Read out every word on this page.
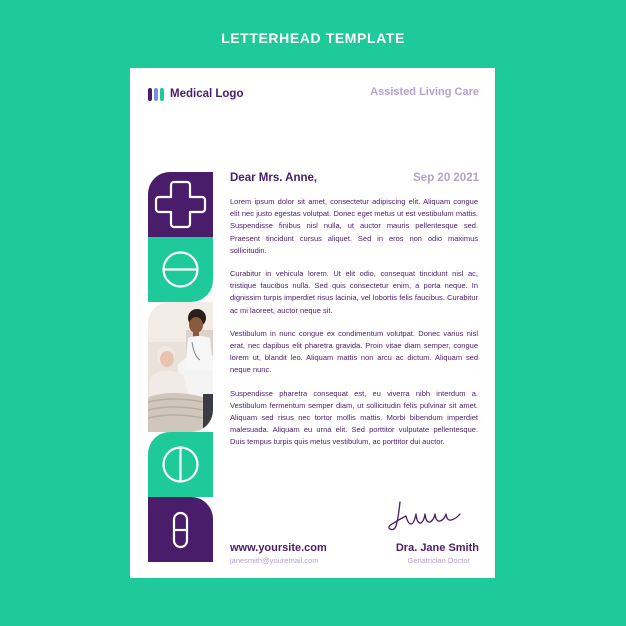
LETTERHEAD TEMPLATE
Medical Logo	Assisted Living Care
Dear Mrs. Anne,	Sep 20 2021

Lorem ipsum dolor sit amet, consectetur adipiscing elit. Aliquam congue elit nec justo egestas volutpat. Donec eget metus ut est vestibulum mattis. Suspendisse finibus nisl nulla, ut auctor mauris pellentesque sed. Praesent tincidunt cursus aliquet. Sed in eros non odio maximus sollicitudin.

Curabitur in vehicula lorem. Ut elit odio, consequat tincidunt nisl ac, tristique faucibus nulla. Sed quis consectetur enim, a porta neque. In dignissim turpis imperdiet risus lacinia, vel lobortis felis faucibus. Curabitur ac mi laoreet, auctor neque sit.

Vestibulum in nunc congue ex condimentum volutpat. Donec varius nisl erat, nec dapibus elit pharetra gravida. Proin vitae diam semper, congue lorem ut, blandit leo. Aliquam mattis non arcu ac dictum. Aliquam sed neque nunc.

Suspendisse pharetra consequat est, eu viverra nibh interdum a. Vestibulum fermentum semper diam, ut sollicitudin felis pulvinar sit amet. Aliquam sed risus nec tortor mollis mattis. Morbi bibendum imperdiet malesuada. Aliquam eu urna elit. Sed porttitor vulputate pellentesque. Duis tempus turpis quis metus vestibulum, ac porttitor dui auctor.

www.yoursite.com
janesmith@youremail.com
Dra. Jane Smith
Geriatrician Doctor
